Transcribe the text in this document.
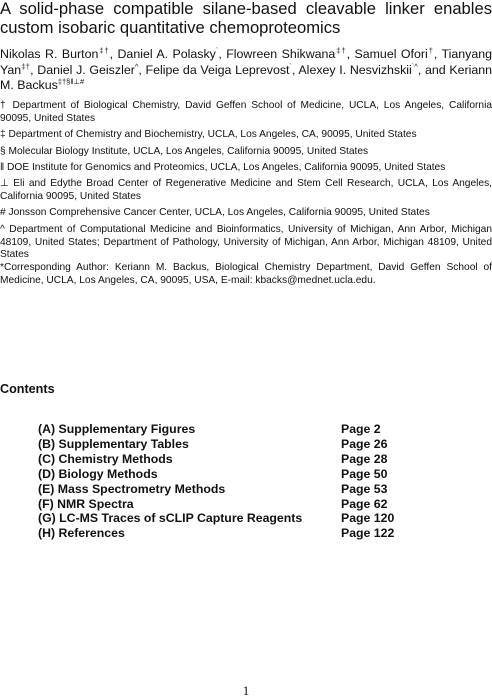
A solid-phase compatible silane-based cleavable linker enables custom isobaric quantitative chemoproteomics

Nikolas R. Burton‡†, Daniel A. Polasky`, Flowreen Shikwana‡†, Samuel Ofori†, Tianyang Yan‡†, Daniel J. Geiszler^, Felipe da Veiga Leprevost`, Alexey I. Nesvizhskii`^, and Keriann M. Backus$^{\ddagger\dagger\S ǁ\perp\#}$

† Department of Biological Chemistry, David Geffen School of Medicine, UCLA, Los Angeles, California 90095, United States

‡ Department of Chemistry and Biochemistry, UCLA, Los Angeles, CA, 90095, United States

§ Molecular Biology Institute, UCLA, Los Angeles, California 90095, United States

ǁ DOE Institute for Genomics and Proteomics, UCLA, Los Angeles, California 90095, United States

⊥ Eli and Edythe Broad Center of Regenerative Medicine and Stem Cell Research, UCLA, Los Angeles, California 90095, United States

# Jonsson Comprehensive Cancer Center, UCLA, Los Angeles, California 90095, United States

^ Department of Computational Medicine and Bioinformatics, University of Michigan, Ann Arbor, Michigan 48109, United States; Department of Pathology, University of Michigan, Ann Arbor, Michigan 48109, United States

*Corresponding Author: Keriann M. Backus, Biological Chemistry Department, David Geffen School of Medicine, UCLA, Los Angeles, CA, 90095, USA, E-mail: kbacks@mednet.ucla.edu.

Contents
(A) Supplementary Figures	Page 2
(B) Supplementary Tables	Page 26
(C) Chemistry Methods	Page 28
(D) Biology Methods	Page 50
(E) Mass Spectrometry Methods	Page 53
(F) NMR Spectra	Page 62
(G) LC-MS Traces of sCLIP Capture Reagents	Page 120
(H) References	Page 122
1
